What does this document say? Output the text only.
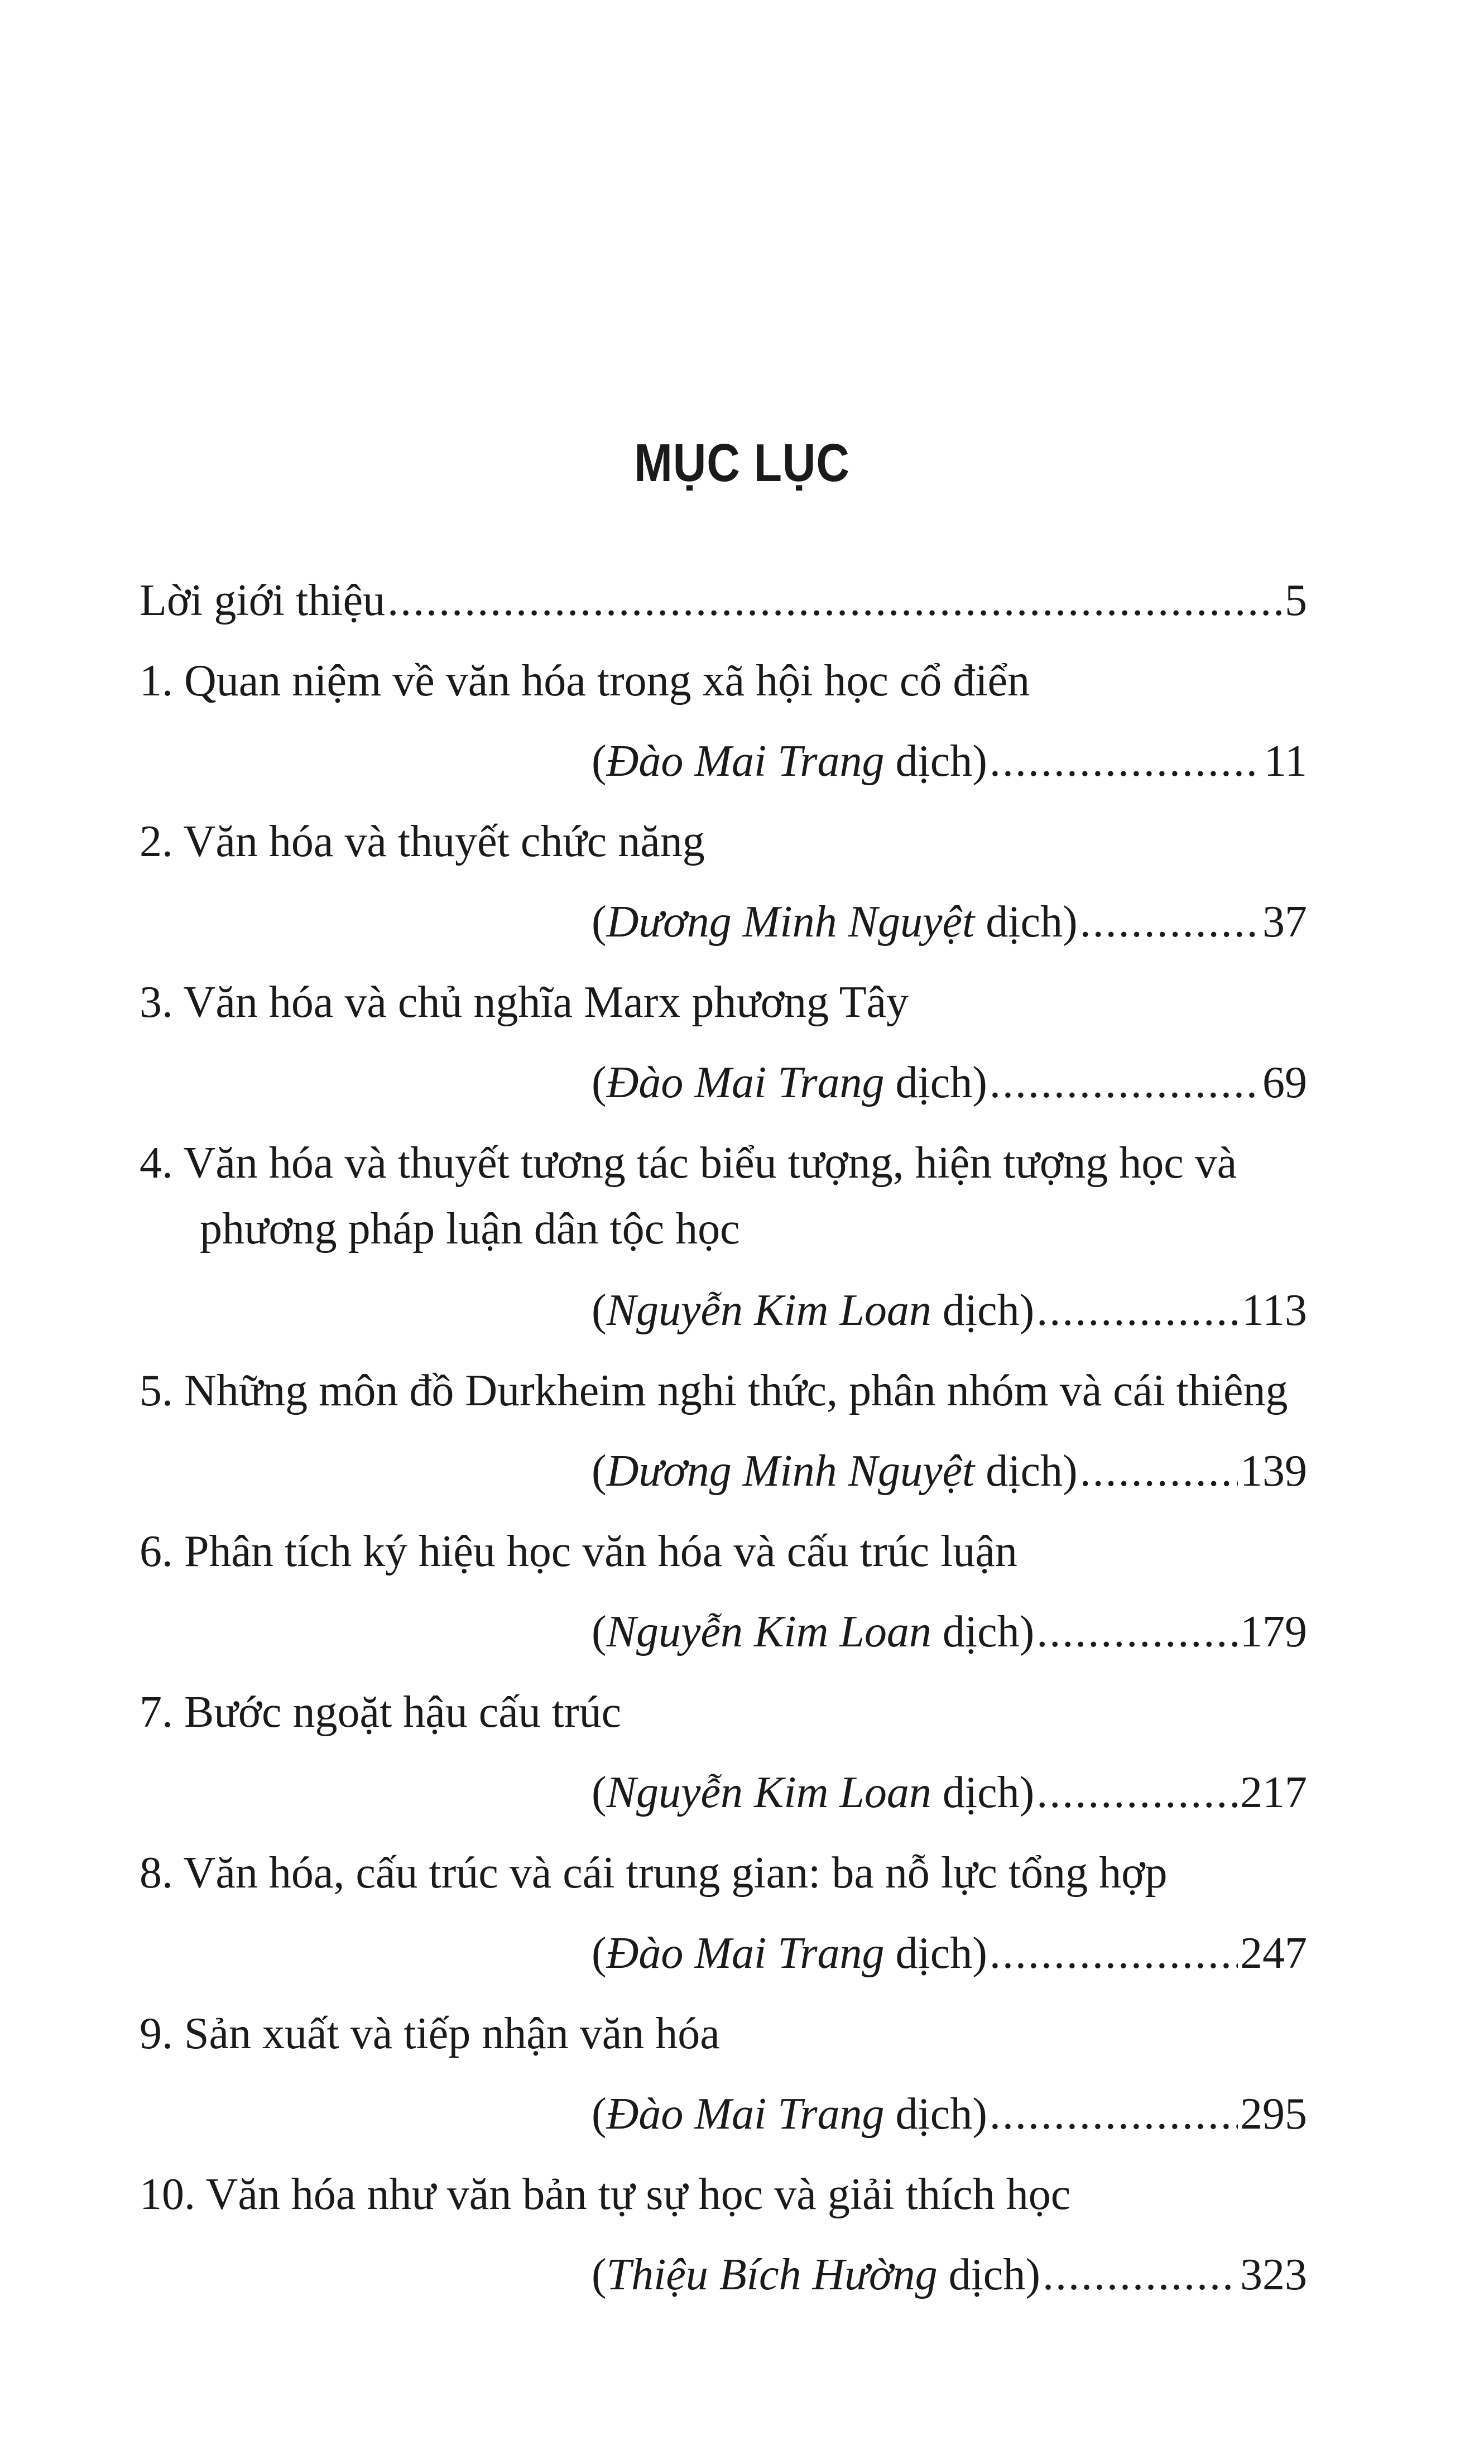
MỤC LỤC
Lời giới thiệu .....	5
1. Quan niệm về văn hóa trong xã hội học cổ điển
(Đào Mai Trang dịch) .....	11
2. Văn hóa và thuyết chức năng
(Dương Minh Nguyệt dịch) .....	37
3. Văn hóa và chủ nghĩa Marx phương Tây
(Đào Mai Trang dịch) .....	69
4. Văn hóa và thuyết tương tác biểu tượng, hiện tượng học và
phương pháp luận dân tộc học
(Nguyễn Kim Loan dịch) .....	113
5. Những môn đồ Durkheim nghi thức, phân nhóm và cái thiêng
(Dương Minh Nguyệt dịch) .....	139
6. Phân tích ký hiệu học văn hóa và cấu trúc luận
(Nguyễn Kim Loan dịch) .....	179
7. Bước ngoặt hậu cấu trúc
(Nguyễn Kim Loan dịch) .....	217
8. Văn hóa, cấu trúc và cái trung gian: ba nỗ lực tổng hợp
(Đào Mai Trang dịch) .....	247
9. Sản xuất và tiếp nhận văn hóa
(Đào Mai Trang dịch) .....	295
10. Văn hóa như văn bản tự sự học và giải thích học
(Thiệu Bích Hường dịch) .....	323
